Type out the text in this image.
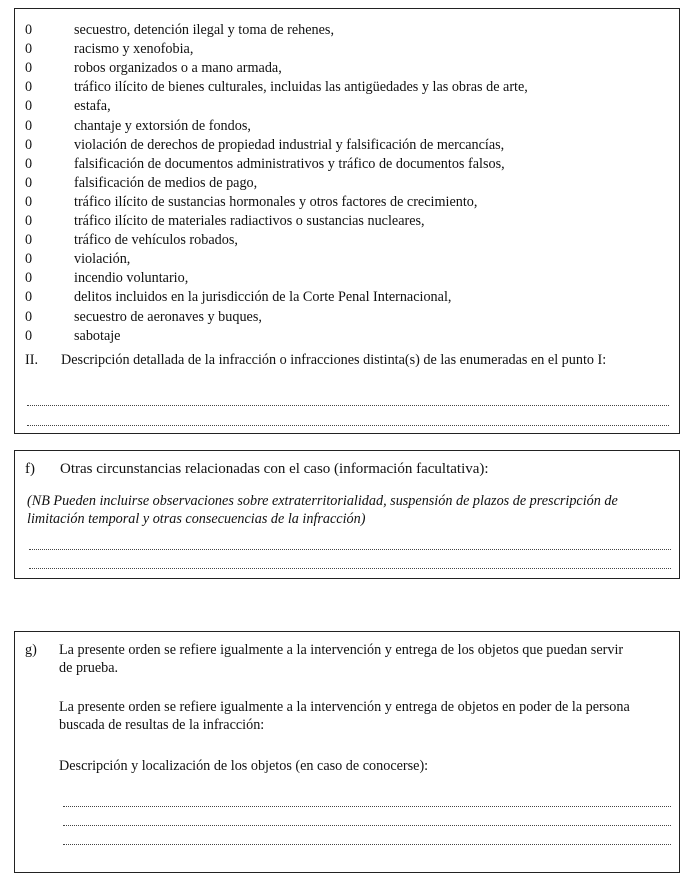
0	secuestro, detención ilegal y toma de rehenes,
0	racismo y xenofobia,
0	robos organizados o a mano armada,
0	tráfico ilícito de bienes culturales, incluidas las antigüedades y las obras de arte,
0	estafa,
0	chantaje y extorsión de fondos,
0	violación de derechos de propiedad industrial y falsificación de mercancías,
0	falsificación de documentos administrativos y tráfico de documentos falsos,
0	falsificación de medios de pago,
0	tráfico ilícito de sustancias hormonales y otros factores de crecimiento,
0	tráfico ilícito de materiales radiactivos o sustancias nucleares,
0	tráfico de vehículos robados,
0	violación,
0	incendio voluntario,
0	delitos incluidos en la jurisdicción de la Corte Penal Internacional,
0	secuestro de aeronaves y buques,
0	sabotaje
II. Descripción detallada de la infracción o infracciones distinta(s) de las enumeradas en el punto I:
f) Otras circunstancias relacionadas con el caso (información facultativa):
(NB Pueden incluirse observaciones sobre extraterritorialidad, suspensión de plazos de prescripción de limitación temporal y otras consecuencias de la infracción)
g) La presente orden se refiere igualmente a la intervención y entrega de los objetos que puedan servir de prueba.
La presente orden se refiere igualmente a la intervención y entrega de objetos en poder de la persona buscada de resultas de la infracción:
Descripción y localización de los objetos (en caso de conocerse):
